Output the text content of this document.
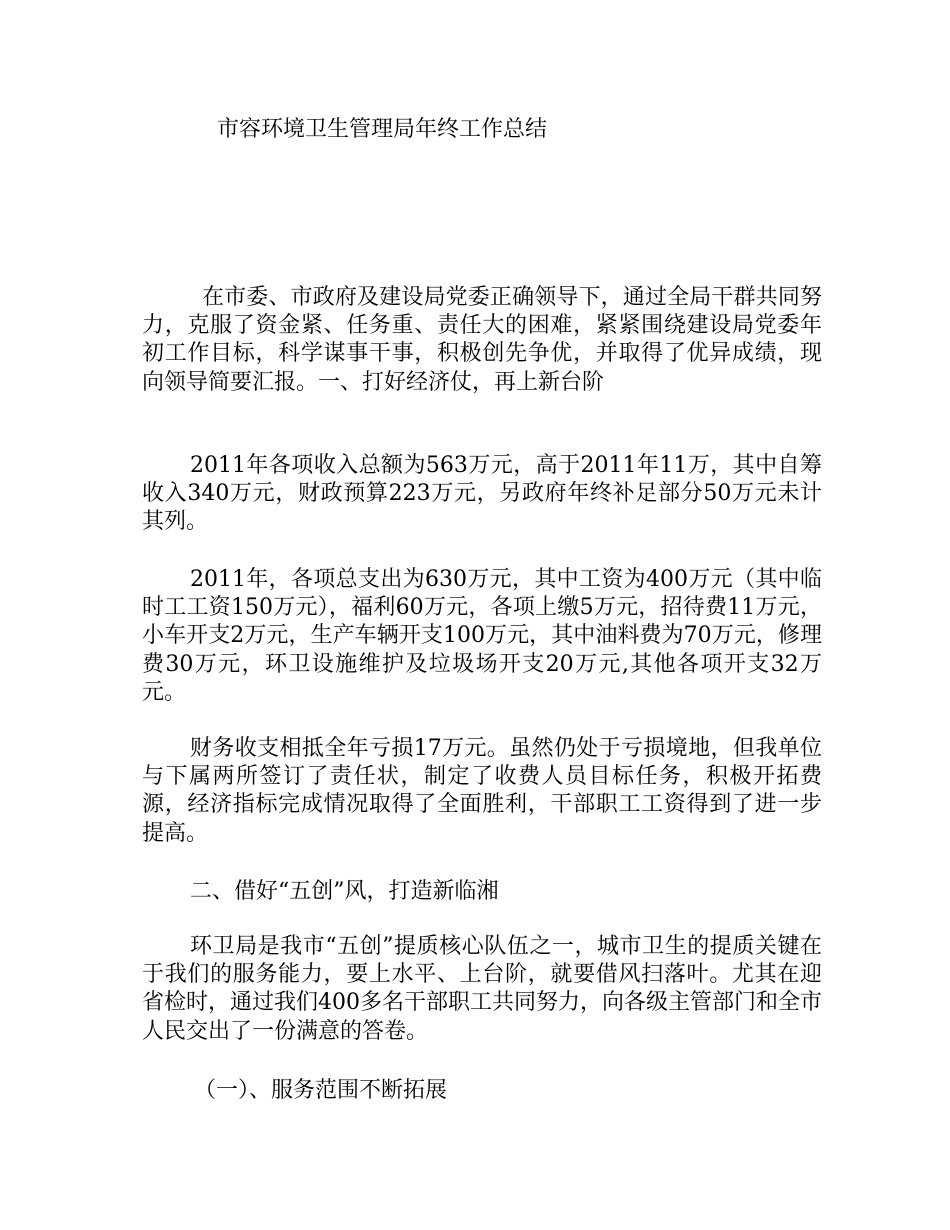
市容环境卫生管理局年终工作总结

在市委、市政府及建设局党委正确领导下，通过全局干群共同努力，克服了资金紧、任务重、责任大的困难，紧紧围绕建设局党委年初工作目标，科学谋事干事，积极创先争优，并取得了优异成绩，现向领导简要汇报。一、打好经济仗，再上新台阶

2011年各项收入总额为563万元，高于2011年11万，其中自筹收入340万元，财政预算223万元，另政府年终补足部分50万元未计其列。

2011年，各项总支出为630万元，其中工资为400万元（其中临时工工资150万元），福利60万元，各项上缴5万元，招待费11万元，小车开支2万元，生产车辆开支100万元，其中油料费为70万元，修理费30万元，环卫设施维护及垃圾场开支20万元,其他各项开支32万元。

财务收支相抵全年亏损17万元。虽然仍处于亏损境地，但我单位与下属两所签订了责任状，制定了收费人员目标任务，积极开拓费源，经济指标完成情况取得了全面胜利，干部职工工资得到了进一步提高。

二、借好“五创”风，打造新临湘

环卫局是我市“五创”提质核心队伍之一，城市卫生的提质关键在于我们的服务能力，要上水平、上台阶，就要借风扫落叶。尤其在迎省检时，通过我们400多名干部职工共同努力，向各级主管部门和全市人民交出了一份满意的答卷。

（一）、服务范围不断拓展
